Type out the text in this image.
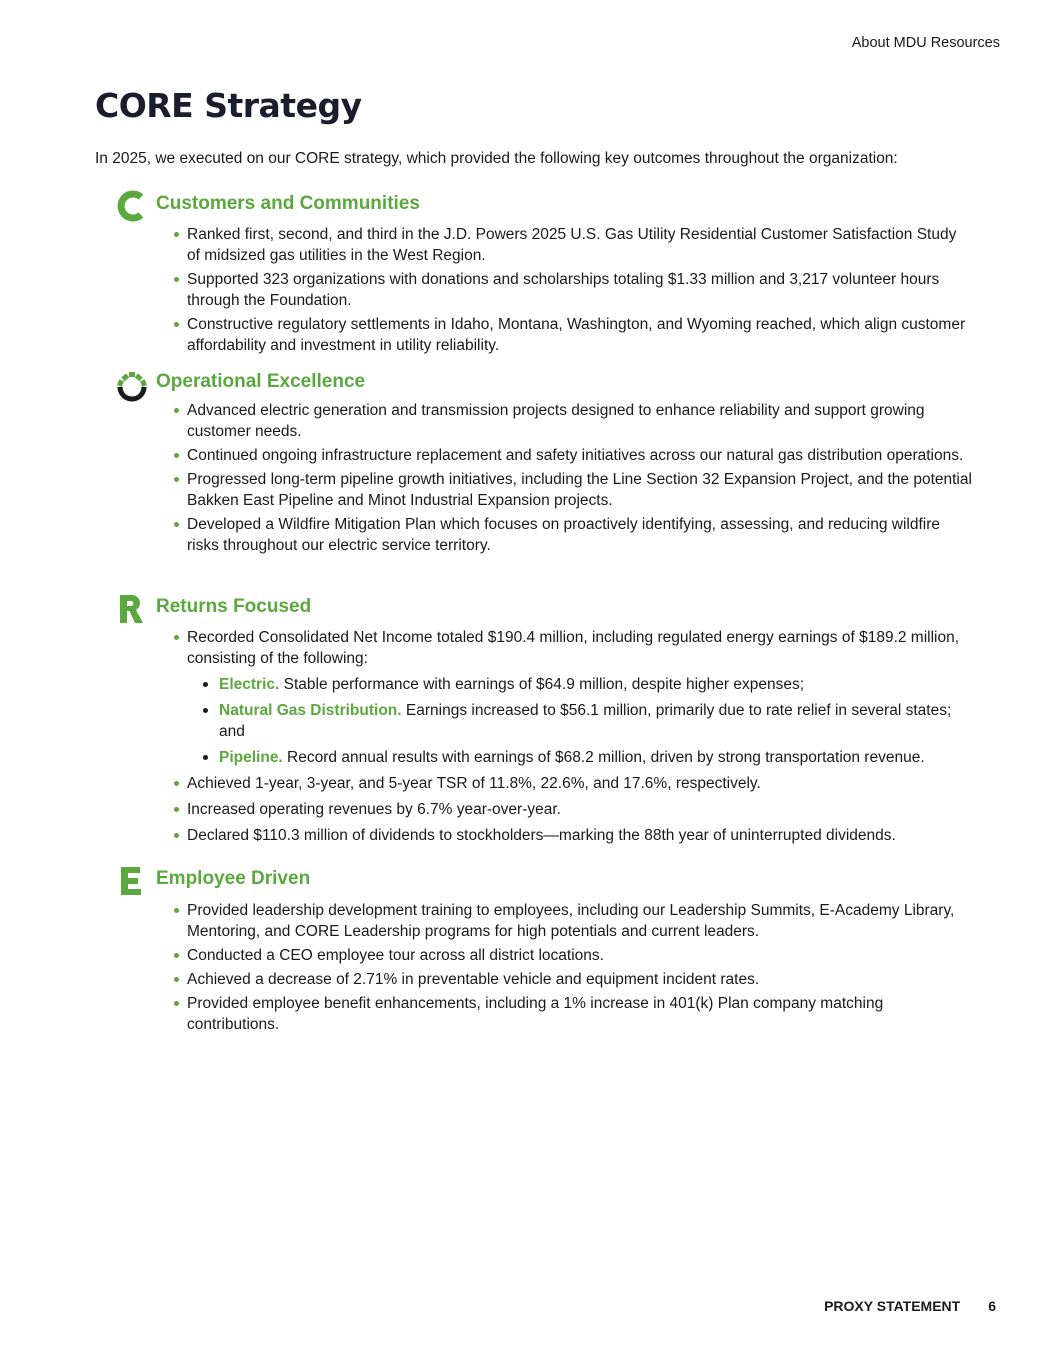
About MDU Resources
CORE Strategy
In 2025, we executed on our CORE strategy, which provided the following key outcomes throughout the organization:
Customers and Communities
Ranked first, second, and third in the J.D. Powers 2025 U.S. Gas Utility Residential Customer Satisfaction Study of midsized gas utilities in the West Region.
Supported 323 organizations with donations and scholarships totaling $1.33 million and 3,217 volunteer hours through the Foundation.
Constructive regulatory settlements in Idaho, Montana, Washington, and Wyoming reached, which align customer affordability and investment in utility reliability.
Operational Excellence
Advanced electric generation and transmission projects designed to enhance reliability and support growing customer needs.
Continued ongoing infrastructure replacement and safety initiatives across our natural gas distribution operations.
Progressed long-term pipeline growth initiatives, including the Line Section 32 Expansion Project, and the potential Bakken East Pipeline and Minot Industrial Expansion projects.
Developed a Wildfire Mitigation Plan which focuses on proactively identifying, assessing, and reducing wildfire risks throughout our electric service territory.
Returns Focused
Recorded Consolidated Net Income totaled $190.4 million, including regulated energy earnings of $189.2 million, consisting of the following:
Electric. Stable performance with earnings of $64.9 million, despite higher expenses;
Natural Gas Distribution. Earnings increased to $56.1 million, primarily due to rate relief in several states; and
Pipeline. Record annual results with earnings of $68.2 million, driven by strong transportation revenue.
Achieved 1-year, 3-year, and 5-year TSR of 11.8%, 22.6%, and 17.6%, respectively.
Increased operating revenues by 6.7% year-over-year.
Declared $110.3 million of dividends to stockholders—marking the 88th year of uninterrupted dividends.
Employee Driven
Provided leadership development training to employees, including our Leadership Summits, E-Academy Library, Mentoring, and CORE Leadership programs for high potentials and current leaders.
Conducted a CEO employee tour across all district locations.
Achieved a decrease of 2.71% in preventable vehicle and equipment incident rates.
Provided employee benefit enhancements, including a 1% increase in 401(k) Plan company matching contributions.
PROXY STATEMENT 6
